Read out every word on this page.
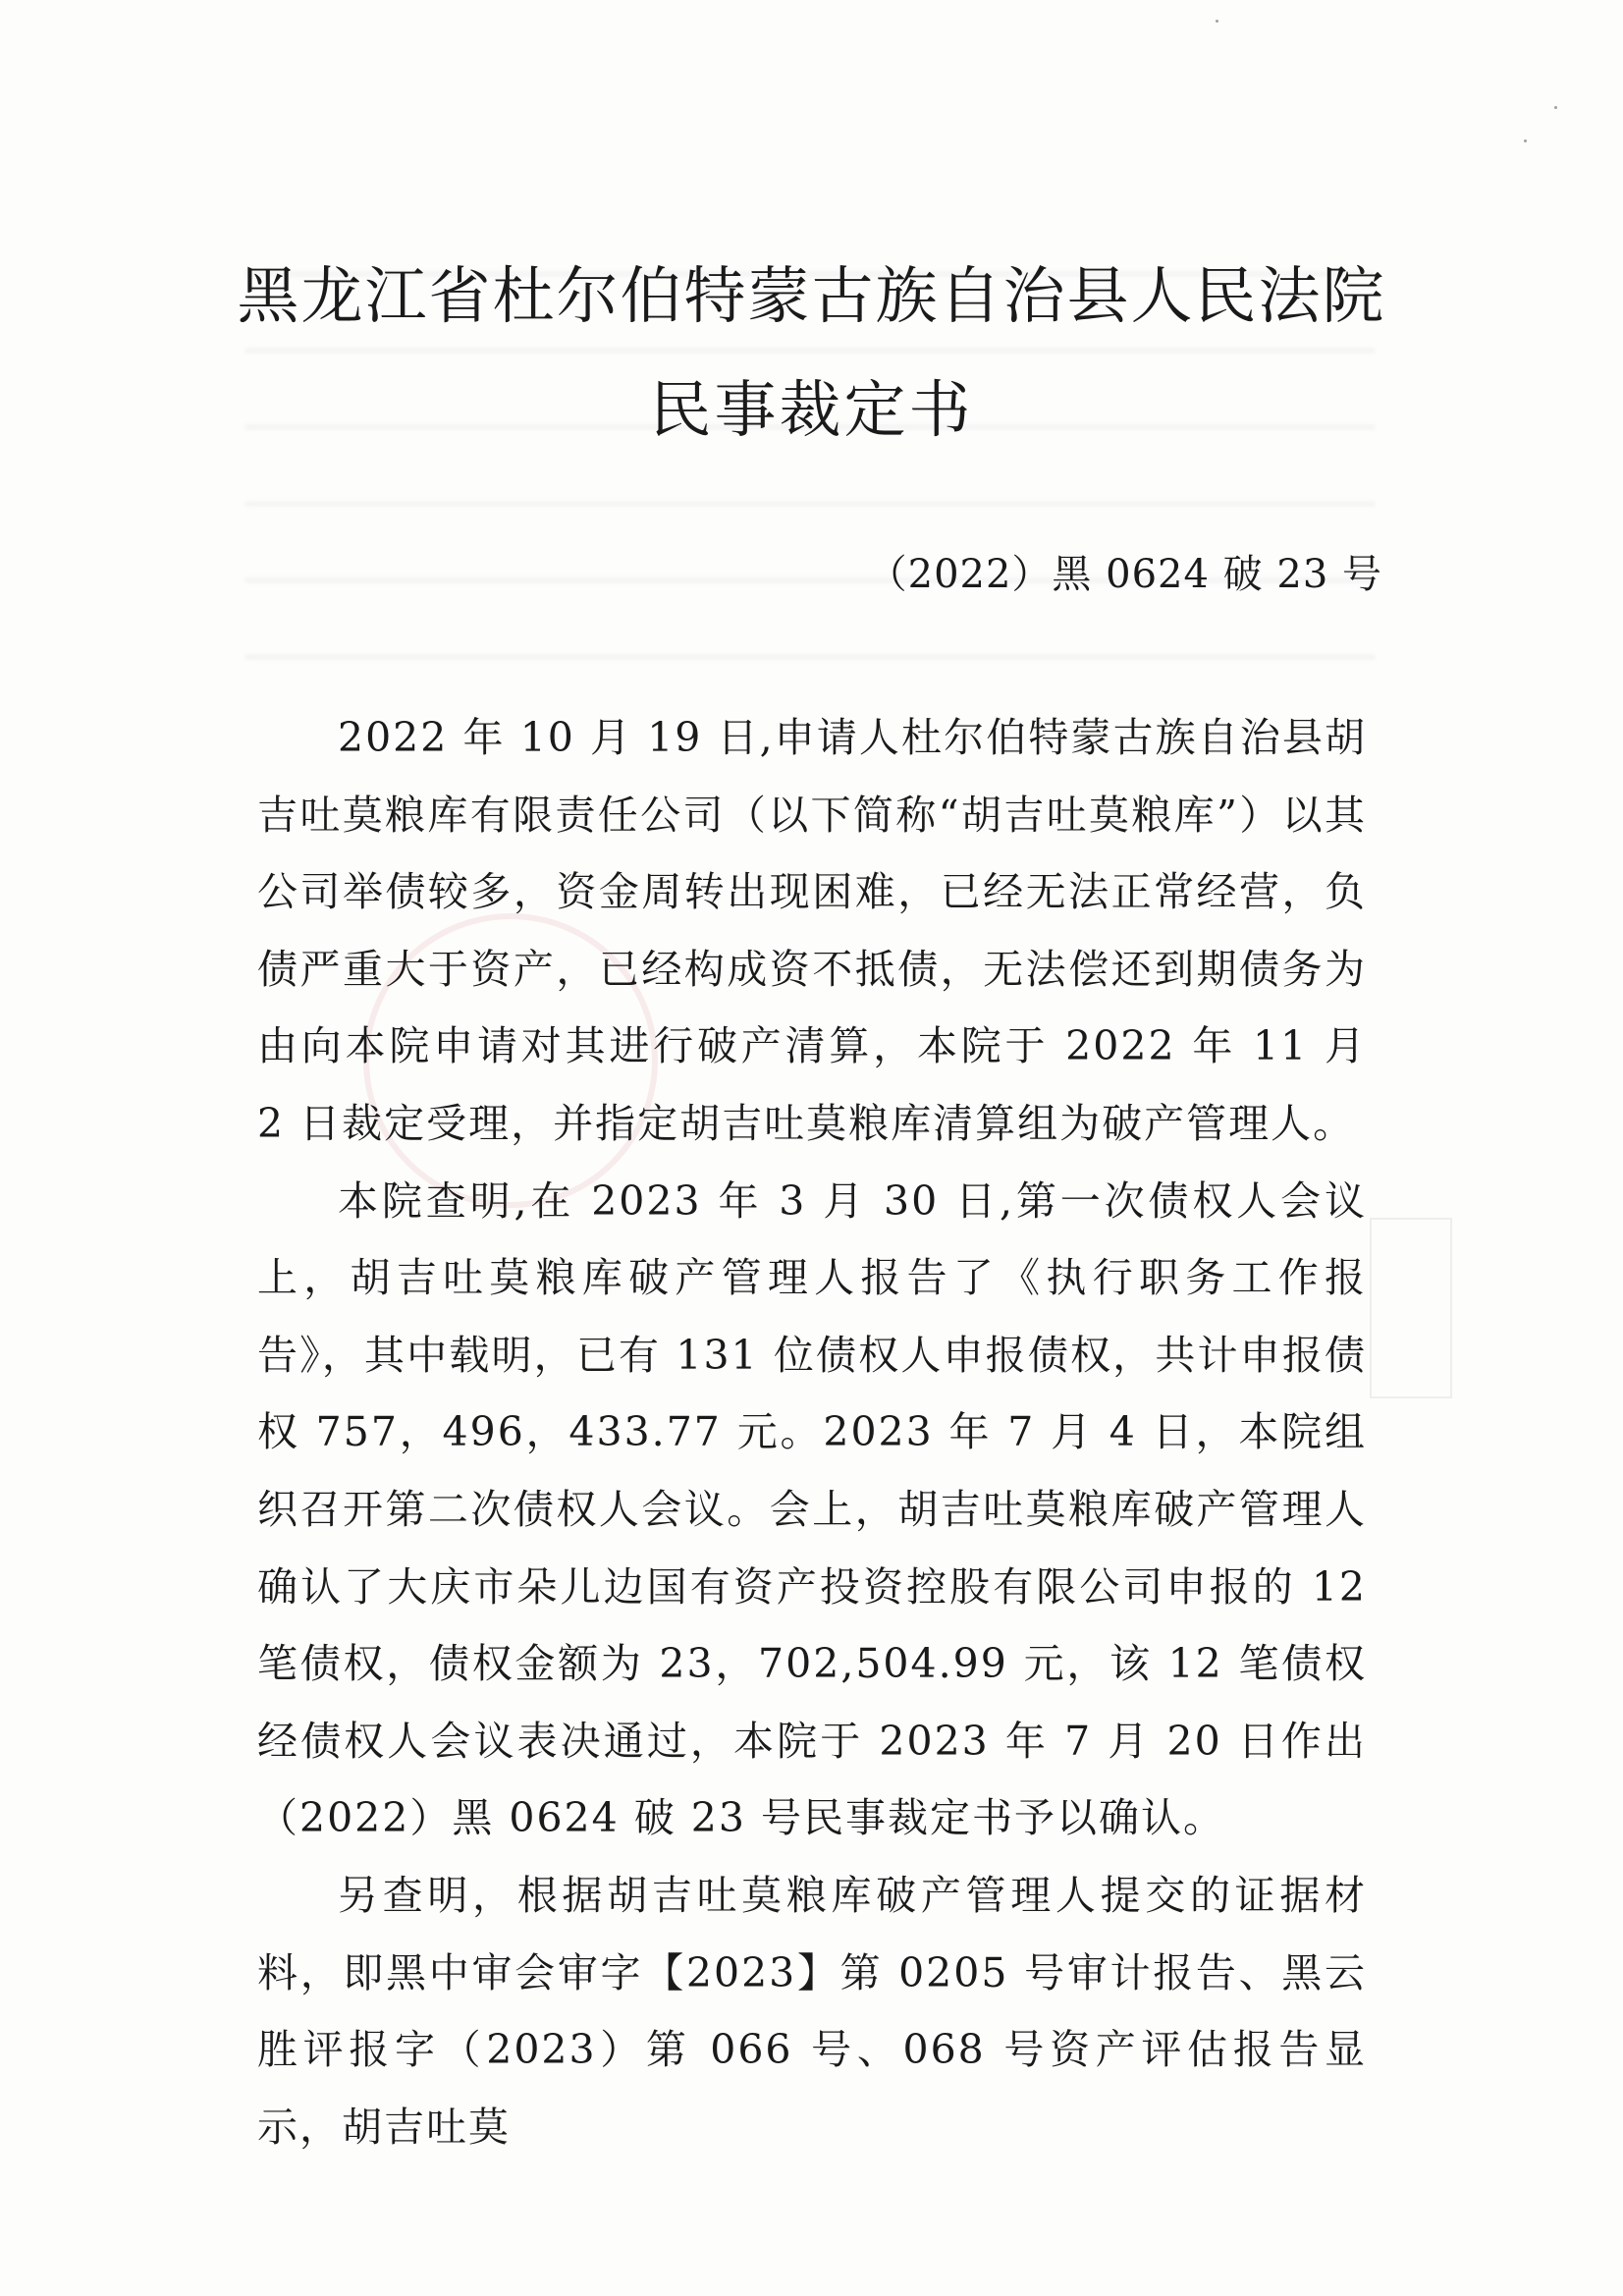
黑龙江省杜尔伯特蒙古族自治县人民法院
民事裁定书
（2022）黑 0624 破 23 号

2022 年 10 月 19 日,申请人杜尔伯特蒙古族自治县胡吉吐莫粮库有限责任公司（以下简称“胡吉吐莫粮库”）以其公司举债较多，资金周转出现困难，已经无法正常经营，负债严重大于资产，已经构成资不抵债，无法偿还到期债务为由向本院申请对其进行破产清算，本院于 2022 年 11 月 2 日裁定受理，并指定胡吉吐莫粮库清算组为破产管理人。

本院查明,在 2023 年 3 月 30 日,第一次债权人会议上，胡吉吐莫粮库破产管理人报告了《执行职务工作报告》，其中载明，已有 131 位债权人申报债权，共计申报债权 757，496，433.77 元。2023 年 7 月 4 日，本院组织召开第二次债权人会议。会上，胡吉吐莫粮库破产管理人确认了大庆市朵儿边国有资产投资控股有限公司申报的 12 笔债权，债权金额为 23，702,504.99 元，该 12 笔债权经债权人会议表决通过，本院于 2023 年 7 月 20 日作出（2022）黑 0624 破 23 号民事裁定书予以确认。

另查明，根据胡吉吐莫粮库破产管理人提交的证据材料，即黑中审会审字【2023】第 0205 号审计报告、黑云胜评报字（2023）第 066 号、068 号资产评估报告显示，胡吉吐莫
